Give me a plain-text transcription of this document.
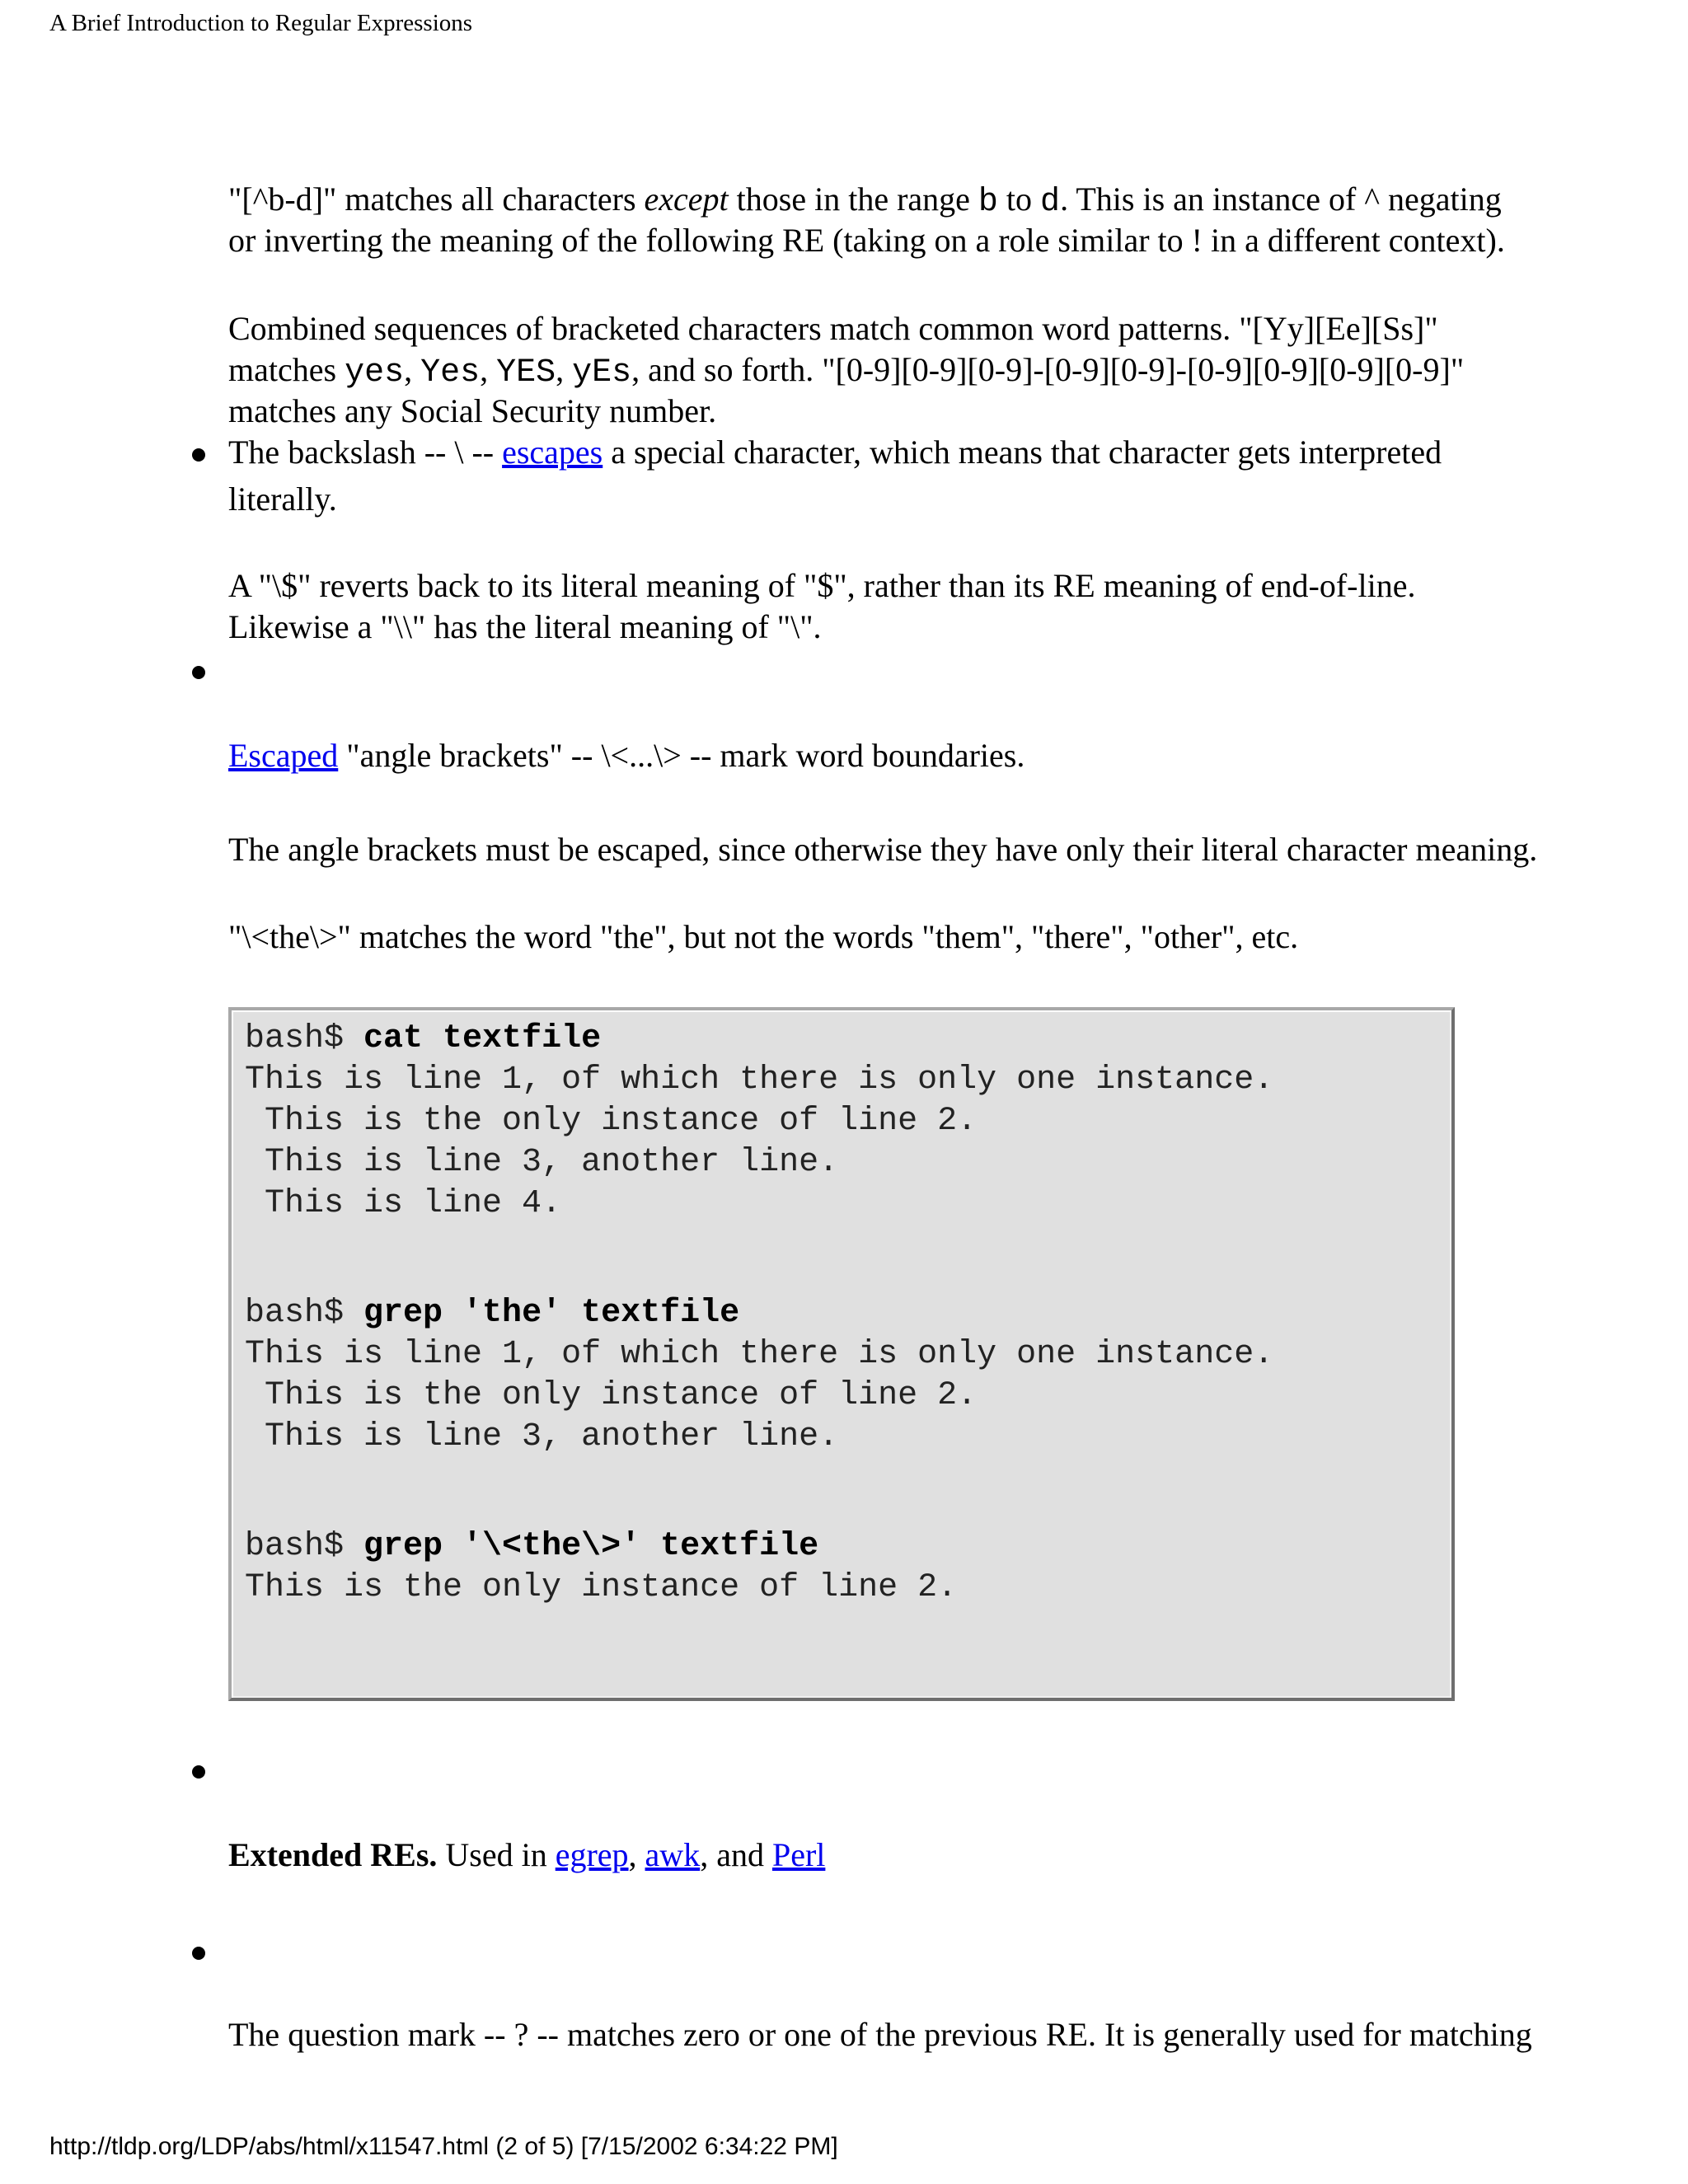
A Brief Introduction to Regular Expressions
"[^b-d]" matches all characters except those in the range b to d. This is an instance of ^ negating
or inverting the meaning of the following RE (taking on a role similar to ! in a different context).
Combined sequences of bracketed characters match common word patterns. "[Yy][Ee][Ss]"
matches yes, Yes, YES, yEs, and so forth. "[0-9][0-9][0-9]-[0-9][0-9]-[0-9][0-9][0-9][0-9]"
matches any Social Security number.
The backslash -- \ -- escapes a special character, which means that character gets interpreted
literally.
A "\$" reverts back to its literal meaning of "$", rather than its RE meaning of end-of-line.
Likewise a "\\" has the literal meaning of "\".
Escaped "angle brackets" -- \<...\> -- mark word boundaries.
The angle brackets must be escaped, since otherwise they have only their literal character meaning.
"\<the\>" matches the word "the", but not the words "them", "there", "other", etc.
bash$ cat textfile
This is line 1, of which there is only one instance.
This is the only instance of line 2.
This is line 3, another line.
This is line 4.
bash$ grep 'the' textfile
This is line 1, of which there is only one instance.
This is the only instance of line 2.
This is line 3, another line.
bash$ grep '\<the\>' textfile
This is the only instance of line 2.
Extended REs. Used in egrep, awk, and Perl
The question mark -- ? -- matches zero or one of the previous RE. It is generally used for matching
http://tldp.org/LDP/abs/html/x11547.html (2 of 5) [7/15/2002 6:34:22 PM]
